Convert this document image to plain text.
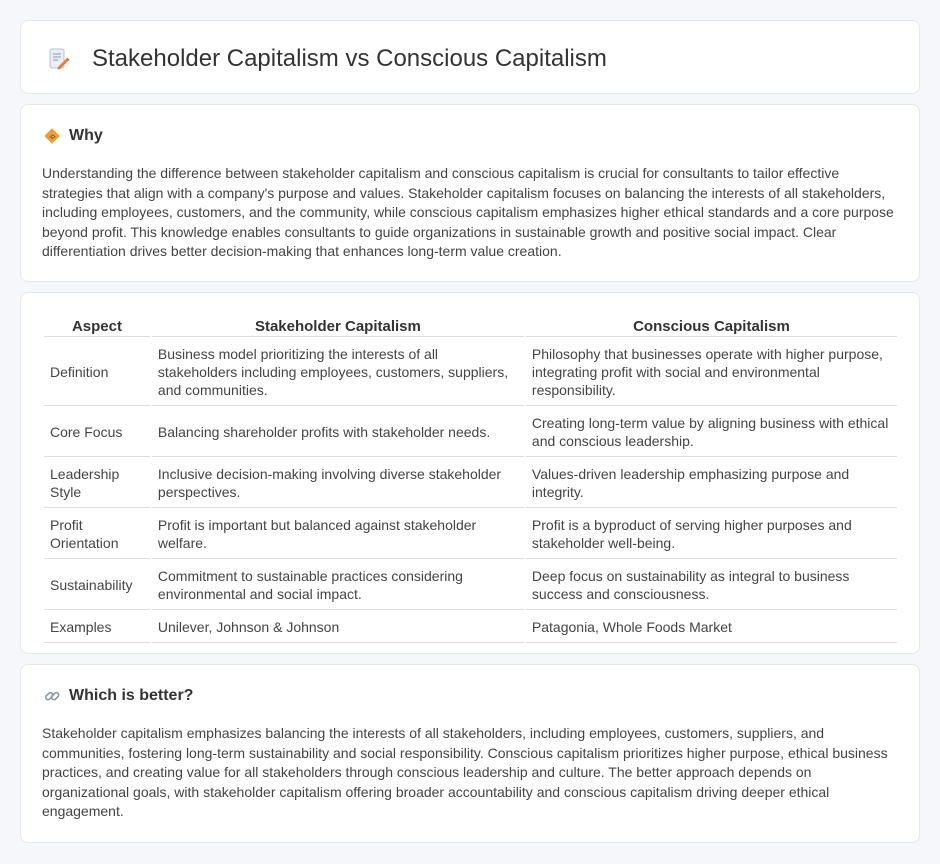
Stakeholder Capitalism vs Conscious Capitalism
Why

Understanding the difference between stakeholder capitalism and conscious capitalism is crucial for consultants to tailor effective strategies that align with a company's purpose and values. Stakeholder capitalism focuses on balancing the interests of all stakeholders, including employees, customers, and the community, while conscious capitalism emphasizes higher ethical standards and a core purpose beyond profit. This knowledge enables consultants to guide organizations in sustainable growth and positive social impact. Clear differentiation drives better decision-making that enhances long-term value creation.

Aspect	Stakeholder Capitalism	Conscious Capitalism
Definition	Business model prioritizing the interests of all stakeholders including employees, customers, suppliers, and communities.	Philosophy that businesses operate with higher purpose, integrating profit with social and environmental responsibility.
Core Focus	Balancing shareholder profits with stakeholder needs.	Creating long-term value by aligning business with ethical and conscious leadership.
Leadership Style	Inclusive decision-making involving diverse stakeholder perspectives.	Values-driven leadership emphasizing purpose and integrity.
Profit Orientation	Profit is important but balanced against stakeholder welfare.	Profit is a byproduct of serving higher purposes and stakeholder well-being.
Sustainability	Commitment to sustainable practices considering environmental and social impact.	Deep focus on sustainability as integral to business success and consciousness.
Examples	Unilever, Johnson & Johnson	Patagonia, Whole Foods Market
Which is better?

Stakeholder capitalism emphasizes balancing the interests of all stakeholders, including employees, customers, suppliers, and communities, fostering long-term sustainability and social responsibility. Conscious capitalism prioritizes higher purpose, ethical business practices, and creating value for all stakeholders through conscious leadership and culture. The better approach depends on organizational goals, with stakeholder capitalism offering broader accountability and conscious capitalism driving deeper ethical engagement.
